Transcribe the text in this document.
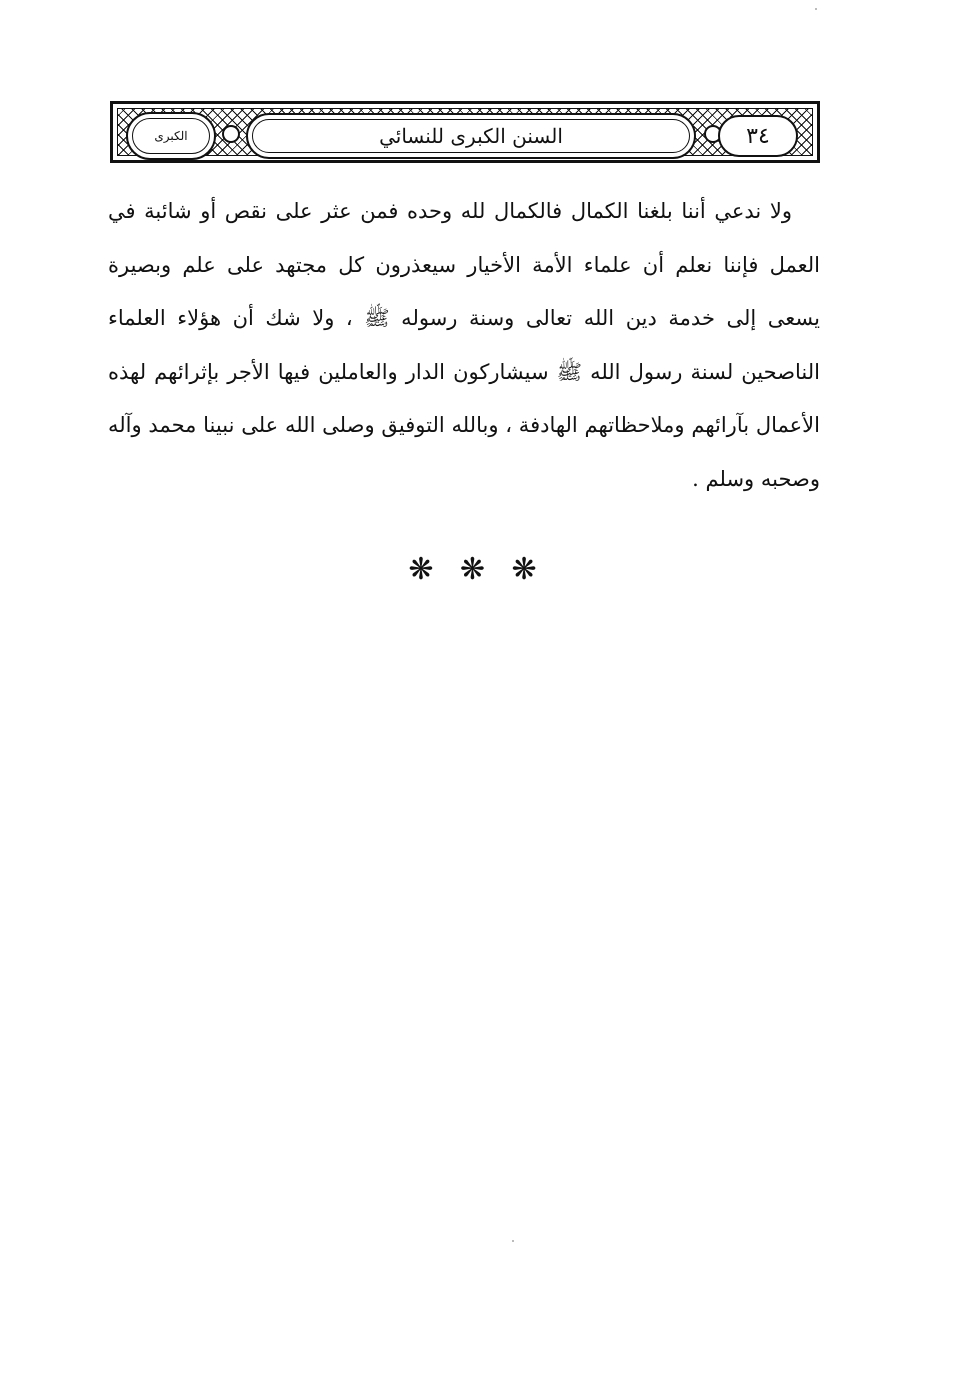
الكبرى	السنن الكبرى للنسائي	٣٤

ولا ندعي أننا بلغنا الكمال فالكمال لله وحده فمن عثر على نقص أو شائبة في العمل فإننا نعلم أن علماء الأمة الأخيار سيعذرون كل مجتهد على علم وبصيرة يسعى إلى خدمة دين الله تعالى وسنة رسوله ﷺ ، ولا شك أن هؤلاء العلماء الناصحين لسنة رسول الله ﷺ سيشاركون الدار والعاملين فيها الأجر بإثرائهم لهذه الأعمال بآرائهم وملاحظاتهم الهادفة ، وبالله التوفيق وصلى الله على نبينا محمد وآله وصحبه وسلم .

❋ ❋ ❋
